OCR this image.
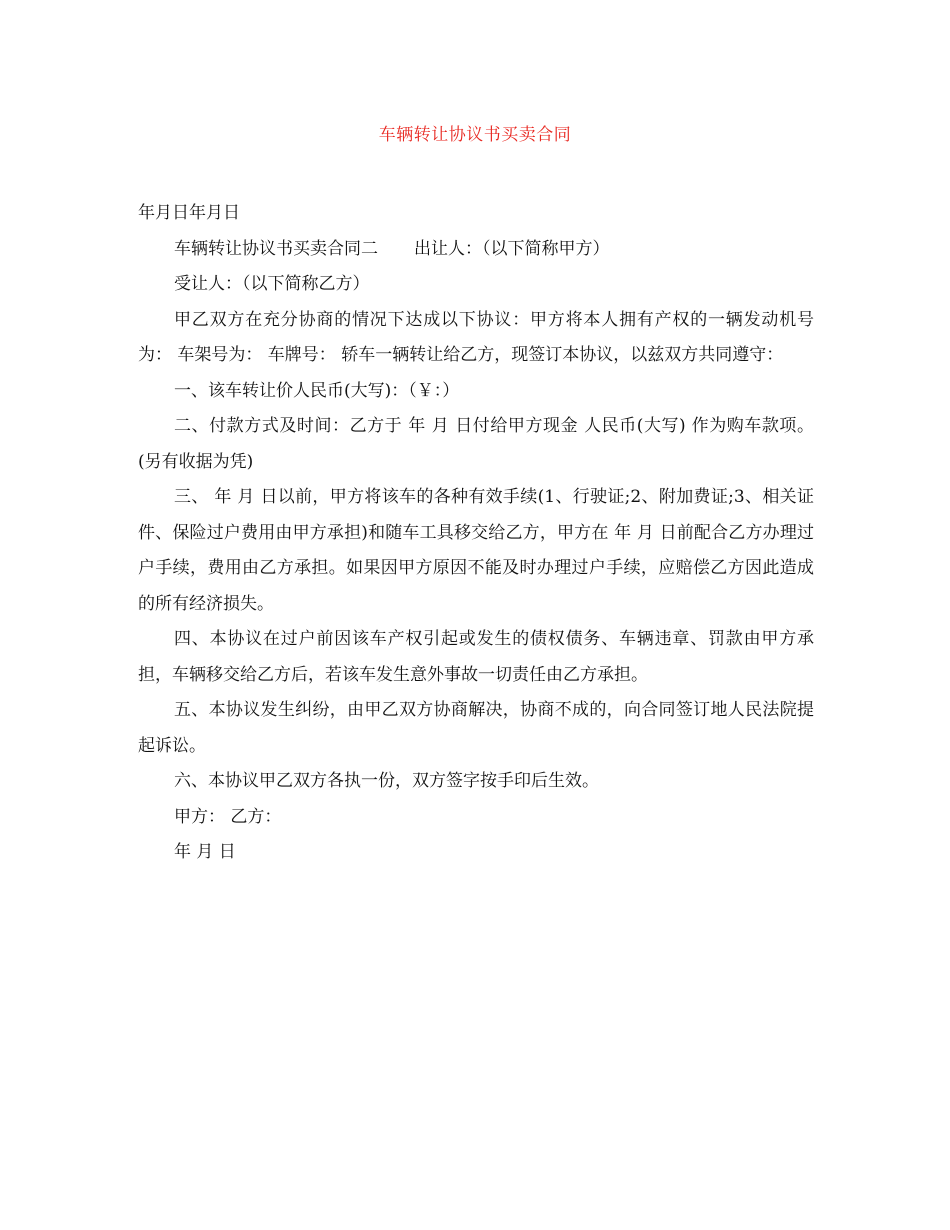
车辆转让协议书买卖合同

年月日年月日

车辆转让协议书买卖合同二 出让人：（以下简称甲方）

受让人：（以下简称乙方）

甲乙双方在充分协商的情况下达成以下协议：甲方将本人拥有产权的一辆发动机号为： 车架号为： 车牌号： 轿车一辆转让给乙方，现签订本协议，以兹双方共同遵守：

一、该车转让价人民币(大写)：（￥：）

二、付款方式及时间：乙方于 年 月 日付给甲方现金 人民币(大写) 作为购车款项。(另有收据为凭)

三、 年 月 日以前，甲方将该车的各种有效手续(1、行驶证;2、附加费证;3、相关证件、保险过户费用由甲方承担)和随车工具移交给乙方，甲方在 年 月 日前配合乙方办理过户手续，费用由乙方承担。如果因甲方原因不能及时办理过户手续，应赔偿乙方因此造成的所有经济损失。

四、本协议在过户前因该车产权引起或发生的债权债务、车辆违章、罚款由甲方承担，车辆移交给乙方后，若该车发生意外事故一切责任由乙方承担。

五、本协议发生纠纷，由甲乙双方协商解决，协商不成的，向合同签订地人民法院提起诉讼。

六、本协议甲乙双方各执一份，双方签字按手印后生效。

甲方： 乙方：

年 月 日
